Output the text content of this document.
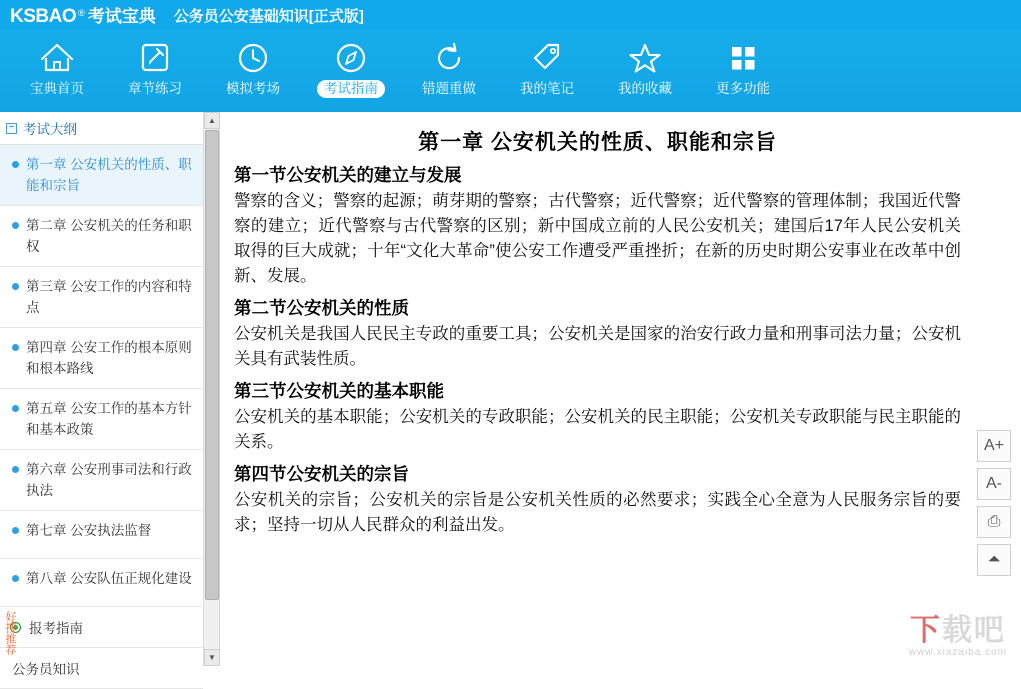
KSBAO ® 考试宝典 公务员公安基础知识[正式版]
宝典首页	章节练习	模拟考场	考试指南	错题重做	我的笔记	我的收藏	更多功能
− 考试大纲
第一章 公安机关的性质、职能和宗旨
第二章 公安机关的任务和职权
第三章 公安工作的内容和特点
第四章 公安工作的根本原则和根本路线
第五章 公安工作的基本方针和基本政策
第六章 公安刑事司法和行政执法
第七章 公安执法监督
第八章 公安队伍正规化建设
报考指南
公务员知识
好搜推荐
▲
▼
第一章 公安机关的性质、职能和宗旨
第一节公安机关的建立与发展

警察的含义；警察的起源；萌芽期的警察；古代警察；近代警察；近代警察的管理体制；我国近代警察的建立；近代警察与古代警察的区别；新中国成立前的人民公安机关；建国后17年人民公安机关取得的巨大成就；十年“文化大革命”使公安工作遭受严重挫折；在新的历史时期公安事业在改革中创新、发展。

第二节公安机关的性质

公安机关是我国人民民主专政的重要工具；公安机关是国家的治安行政力量和刑事司法力量；公安机关具有武装性质。

第三节公安机关的基本职能

公安机关的基本职能；公安机关的专政职能；公安机关的民主职能；公安机关专政职能与民主职能的关系。

第四节公安机关的宗旨

公安机关的宗旨；公安机关的宗旨是公安机关性质的必然要求；实践全心全意为人民服务宗旨的要求；坚持一切从人民群众的利益出发。

A+
A-
⎙
⏶
下载吧
www.xiazaiba.com
